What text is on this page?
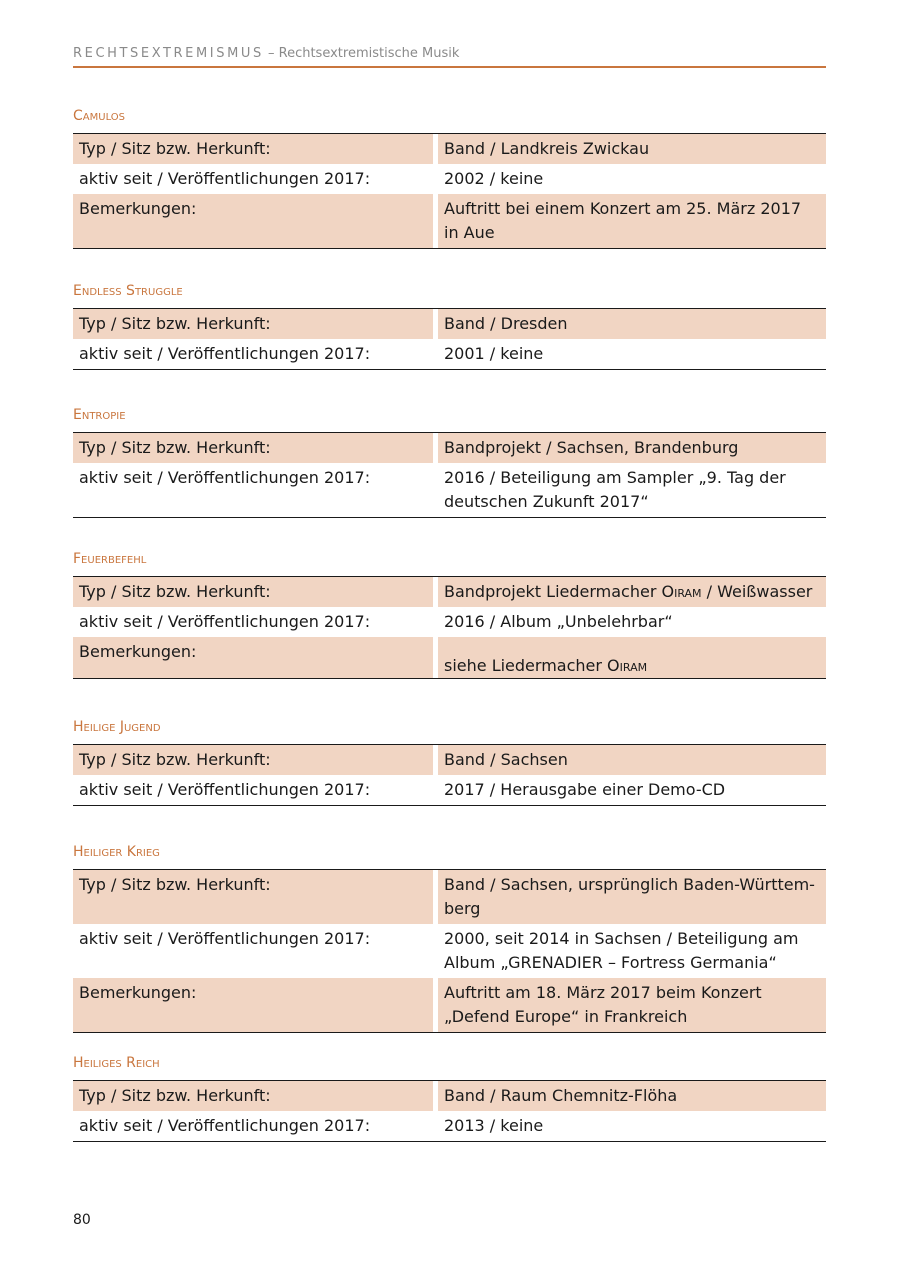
RECHTSEXTREMISMUS – Rechtsextremistische Musik
Camulos
Typ / Sitz bzw. Herkunft:	Band / Landkreis Zwickau
aktiv seit / Veröffentlichungen 2017:	2002 / keine
Bemerkungen:	Auftritt bei einem Konzert am 25. März 2017 in Aue
Endless Struggle
Typ / Sitz bzw. Herkunft:	Band / Dresden
aktiv seit / Veröffentlichungen 2017:	2001 / keine
Entropie
Typ / Sitz bzw. Herkunft:	Bandprojekt / Sachsen, Brandenburg
aktiv seit / Veröffentlichungen 2017:	2016 / Beteiligung am Sampler „9. Tag der deutschen Zukunft 2017“
Feuerbefehl
Typ / Sitz bzw. Herkunft:	Bandprojekt Liedermacher Oiram / Weißwasser
aktiv seit / Veröffentlichungen 2017:	2016 / Album „Unbelehrbar“
Bemerkungen:	siehe Liedermacher Oiram
Heilige Jugend
Typ / Sitz bzw. Herkunft:	Band / Sachsen
aktiv seit / Veröffentlichungen 2017:	2017 / Herausgabe einer Demo-CD
Heiliger Krieg
Typ / Sitz bzw. Herkunft:	Band / Sachsen, ursprünglich Baden-Württem-berg
aktiv seit / Veröffentlichungen 2017:	2000, seit 2014 in Sachsen / Beteiligung am Album „GRENADIER – Fortress Germania“
Bemerkungen:	Auftritt am 18. März 2017 beim Konzert „Defend Europe“ in Frankreich
Heiliges Reich
Typ / Sitz bzw. Herkunft:	Band / Raum Chemnitz-Flöha
aktiv seit / Veröffentlichungen 2017:	2013 / keine
80
